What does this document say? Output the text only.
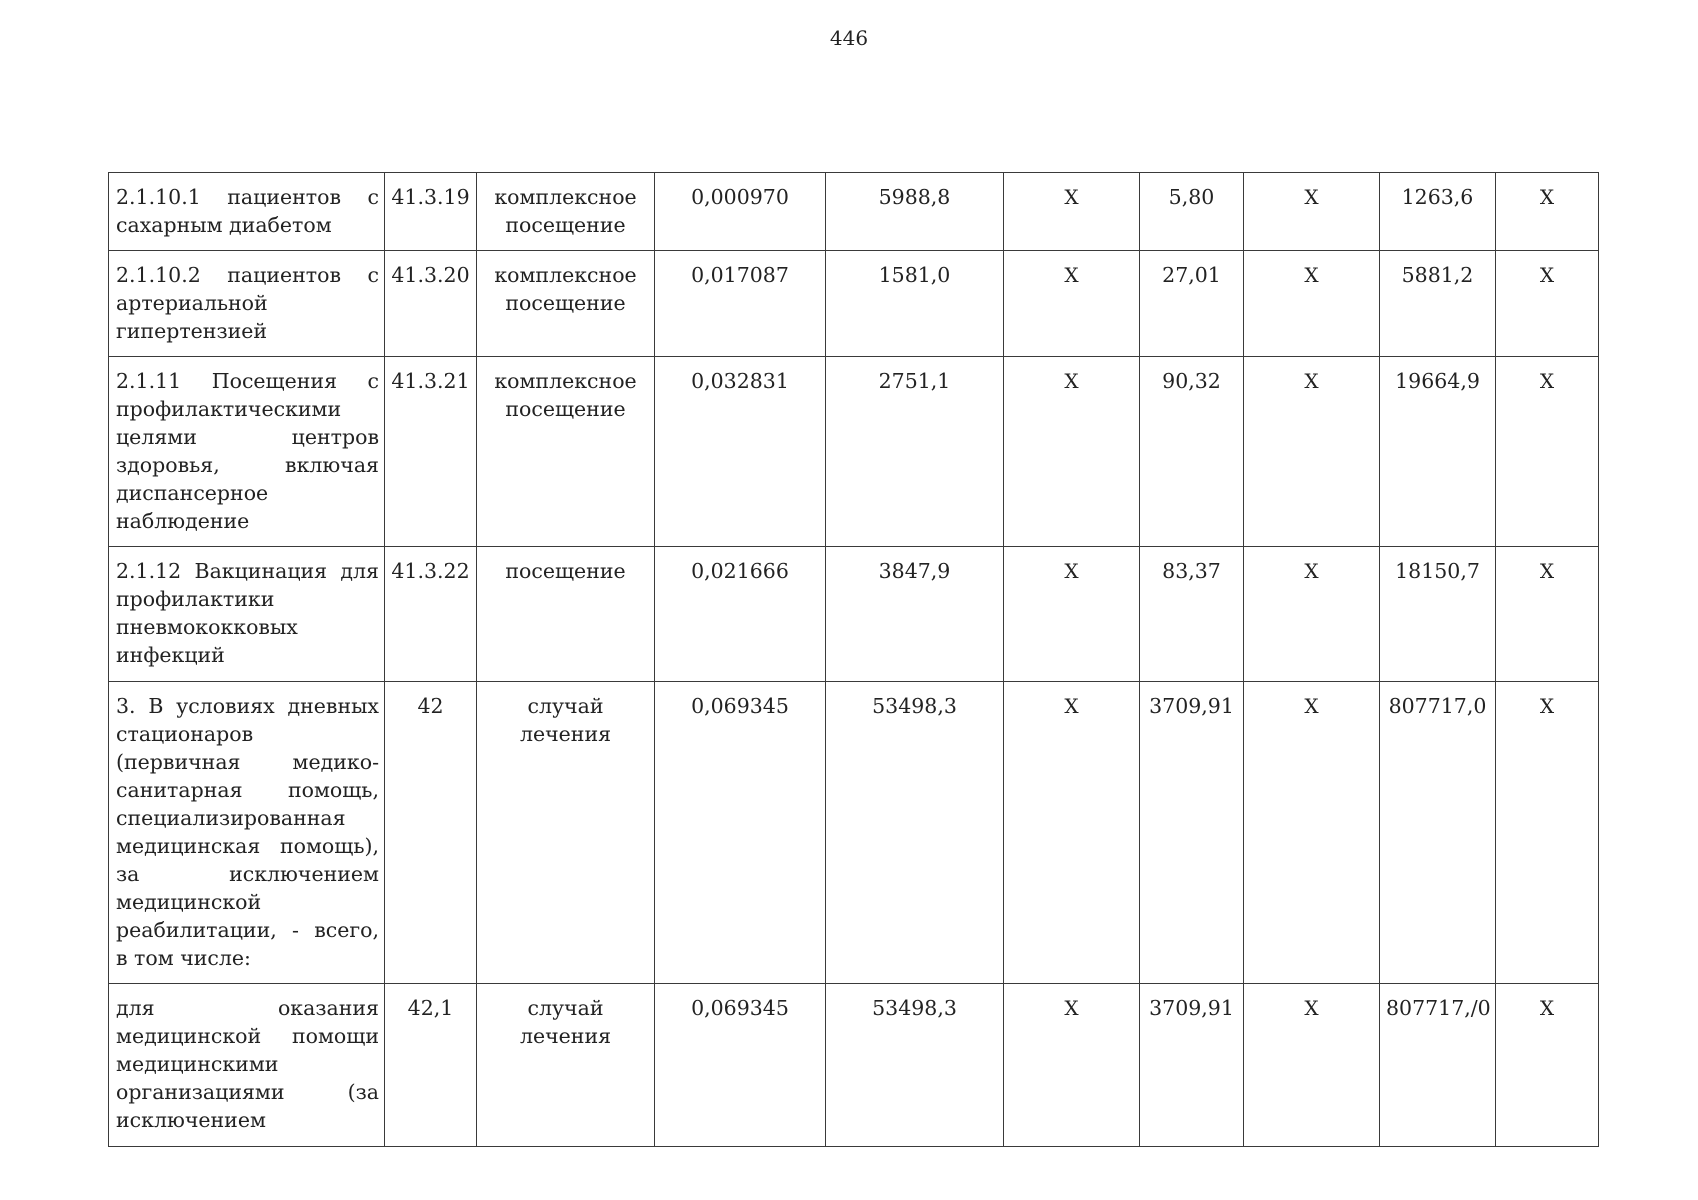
446
2.1.10.1 пациентов с сахарным диабетом	41.3.19	комплексное посещение	0,000970	5988,8	X	5,80	X	1263,6	X
2.1.10.2 пациентов с артериальной гипертензией	41.3.20	комплексное посещение	0,017087	1581,0	X	27,01	X	5881,2	X
2.1.11 Посещения с профилактическими целями центров здоровья, включая диспансерное наблюдение	41.3.21	комплексное посещение	0,032831	2751,1	X	90,32	X	19664,9	X
2.1.12 Вакцинация для профилактики пневмококковых инфекций	41.3.22	посещение	0,021666	3847,9	X	83,37	X	18150,7	X
3. В условиях дневных стационаров (первичная медико-санитарная помощь, специализированная медицинская помощь), за исключением медицинской реабилитации, - всего, в том числе:	42	случай лечения	0,069345	53498,3	X	3709,91	X	807717,0	X
для оказания медицинской помощи медицинскими организациями (за исключением	42,1	случай лечения	0,069345	53498,3	X	3709,91	X	807717,/0	X
